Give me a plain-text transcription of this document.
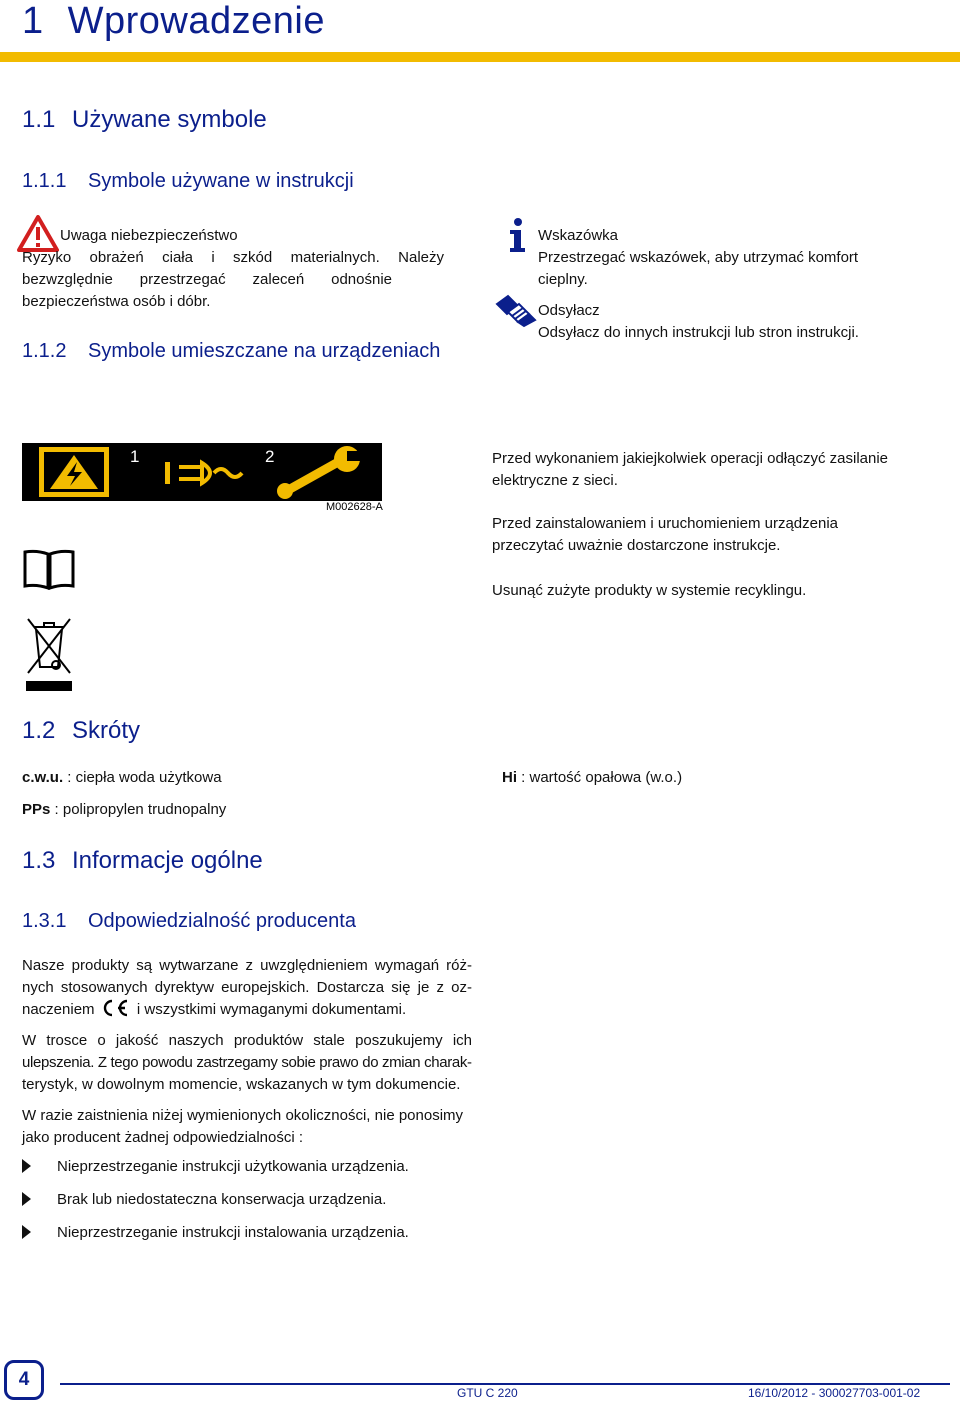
1 Wprowadzenie
1.1 Używane symbole
1.1.1 Symbole używane w instrukcji
Uwaga niebezpieczeństwo
Ryzyko obrażeń ciała i szkód materialnych. Należy
bezwzględnie przestrzegać zaleceń odnośnie
bezpieczeństwa osób i dóbr.
1.1.2 Symbole umieszczane na urządzeniach
Wskazówka
Przestrzegać wskazówek, aby utrzymać komfort
cieplny.
Odsyłacz
Odsyłacz do innych instrukcji lub stron instrukcji.
1	2
M002628-A
Przed wykonaniem jakiejkolwiek operacji odłączyć zasilanie
elektryczne z sieci.
Przed zainstalowaniem i uruchomieniem urządzenia
przeczytać uważnie dostarczone instrukcje.
Usunąć zużyte produkty w systemie recyklingu.
1.2 Skróty
c.w.u. : ciepła woda użytkowa	Hi : wartość opałowa (w.o.)
PPs : polipropylen trudnopalny
1.3 Informacje ogólne
1.3.1 Odpowiedzialność producenta
Nasze produkty są wytwarzane z uwzględnieniem wymagań róż-
nych stosowanych dyrektyw europejskich. Dostarcza się je z oz-
naczeniem	i wszystkimi wymaganymi dokumentami.
W trosce o jakość naszych produktów stale poszukujemy ich
ulepszenia. Z tego powodu zastrzegamy sobie prawo do zmian charak-
terystyk, w dowolnym momencie, wskazanych w tym dokumencie.
W razie zaistnienia niżej wymienionych okoliczności, nie ponosimy
jako producent żadnej odpowiedzialności :
Nieprzestrzeganie instrukcji użytkowania urządzenia.
Brak lub niedostateczna konserwacja urządzenia.
Nieprzestrzeganie instrukcji instalowania urządzenia.
4
GTU C 220	16/10/2012 - 300027703-001-02
